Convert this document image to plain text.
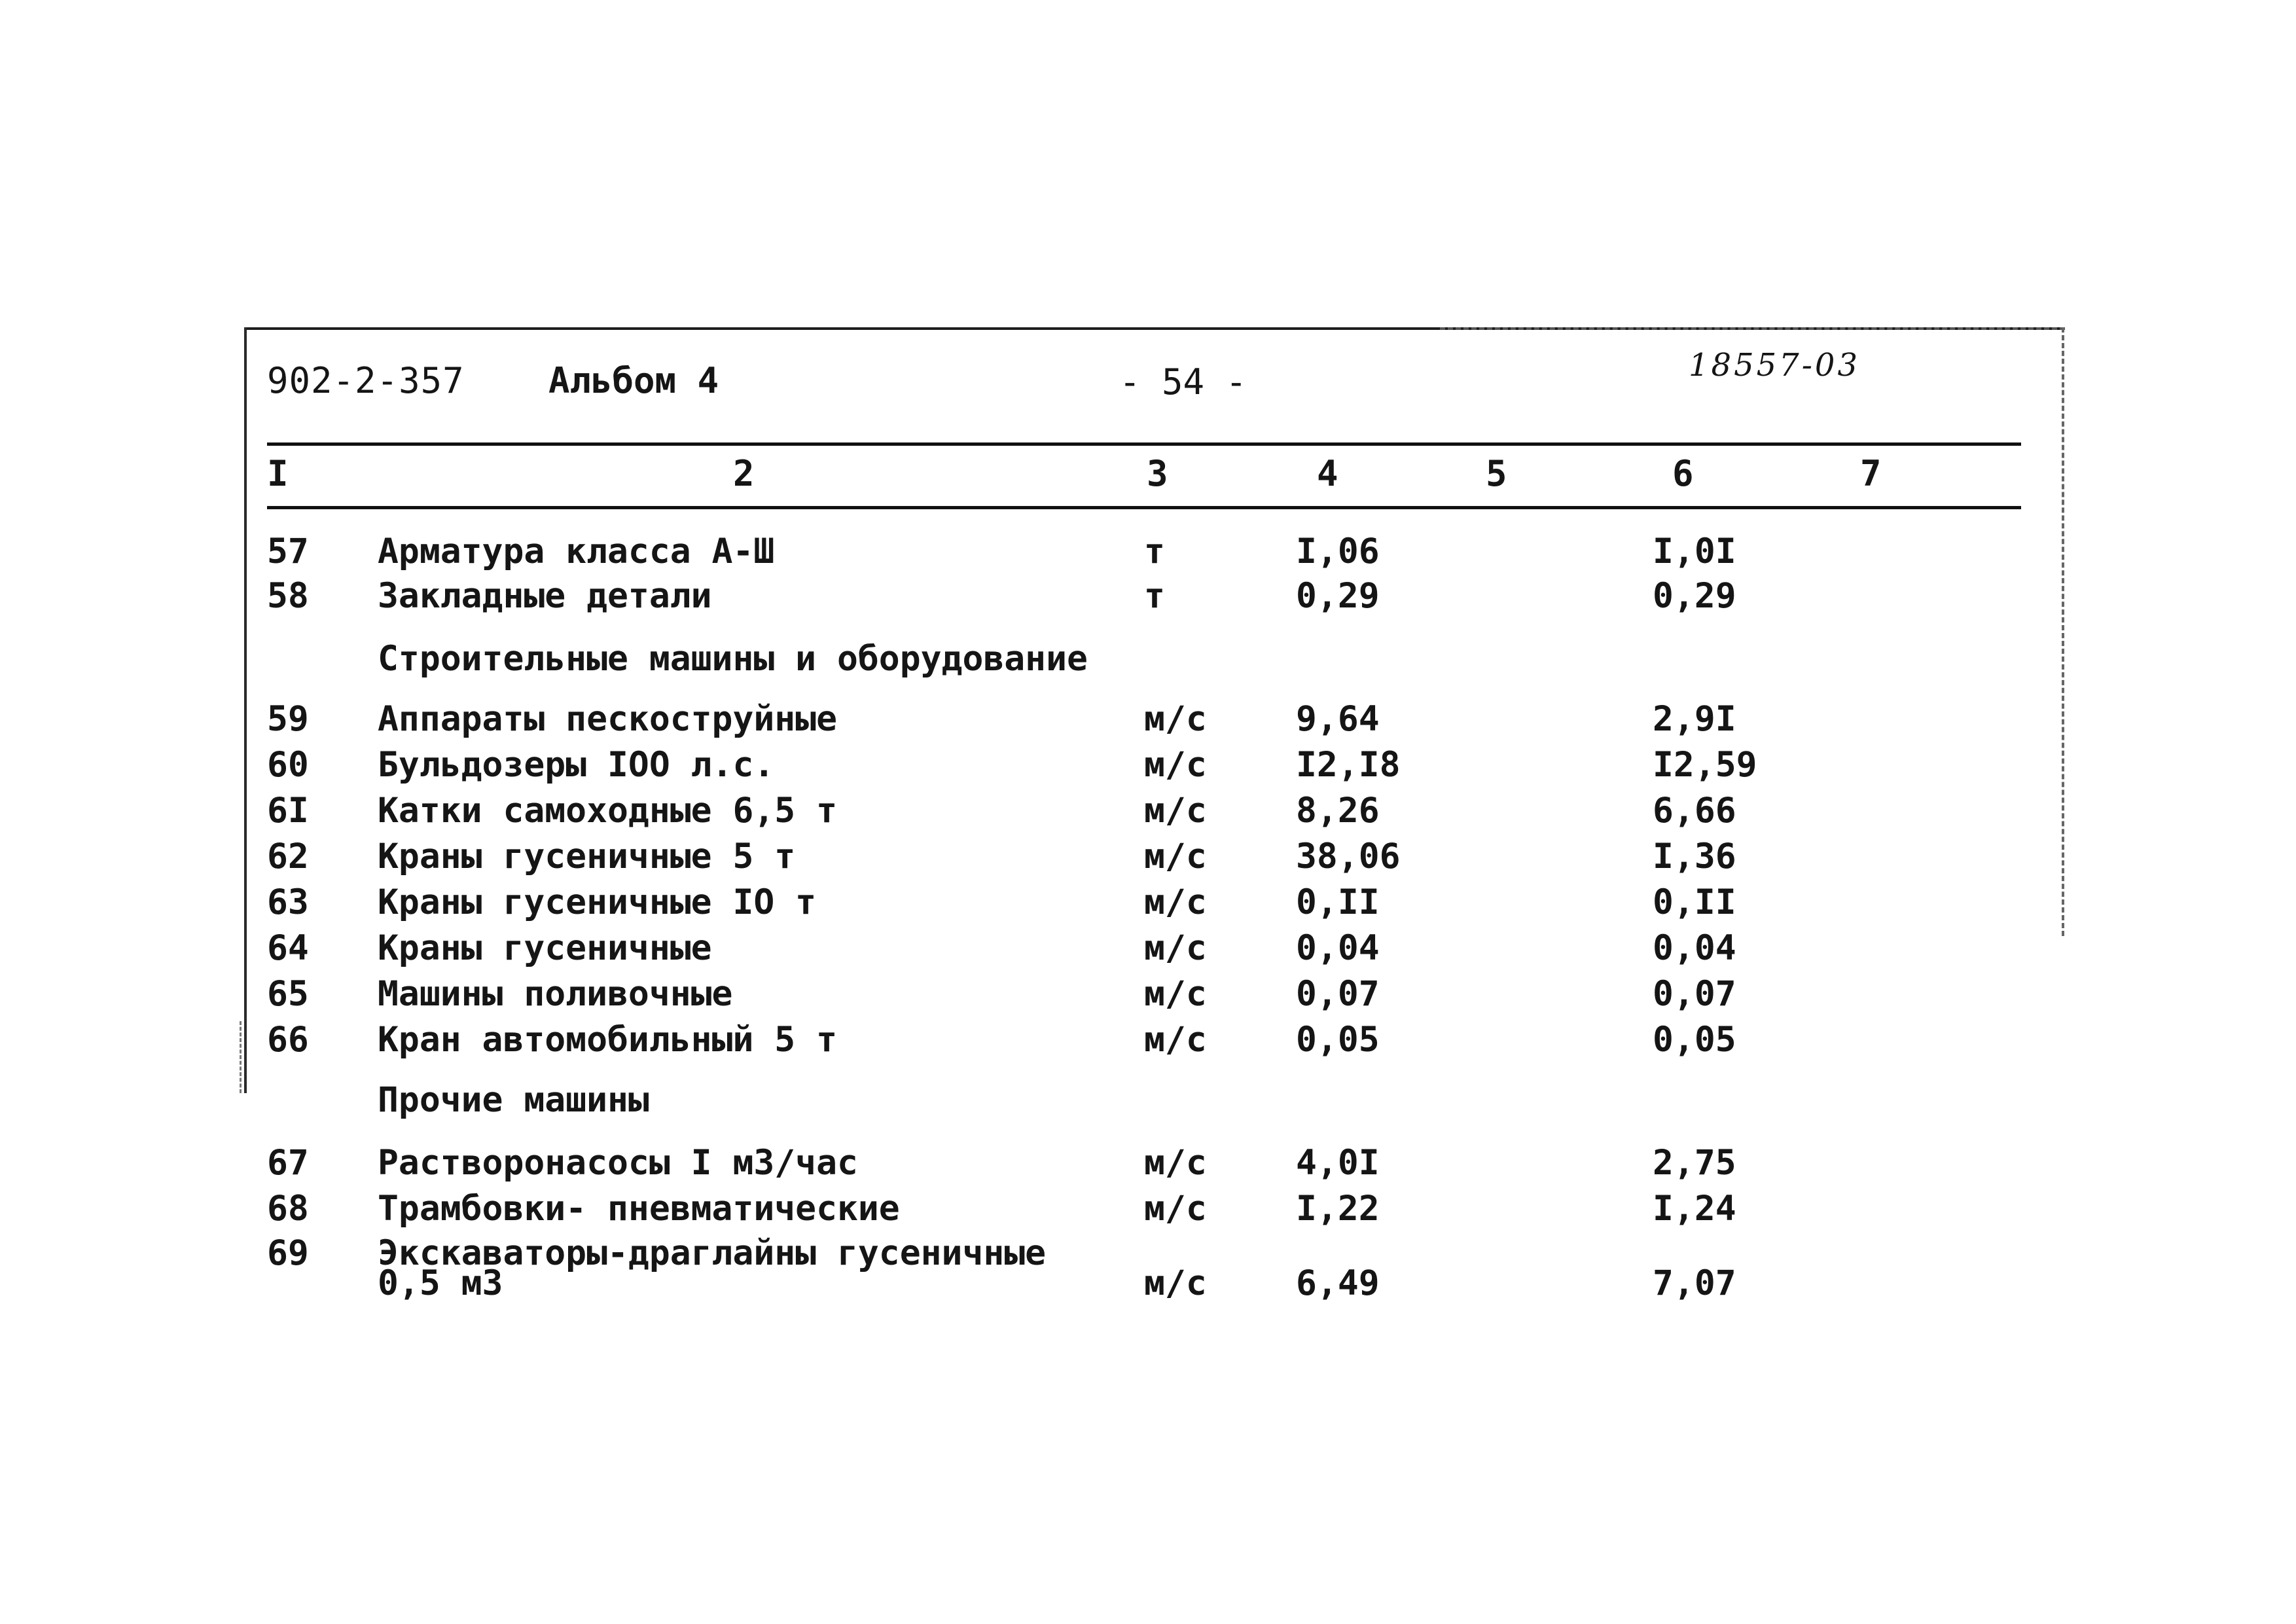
902-2-357 Альбом 4	- 54 -	18557-03
I	2	3	4	5	6	7
57 Арматура класса А-Ш	т	I,06	I,0I
58 Закладные детали	т	0,29	0,29
Строительные машины и оборудование
59 Аппараты пескоструйные	м/с	9,64	2,9I
60 Бульдозеры IOO л.с.	м/с	I2,I8	I2,59
6I Катки самоходные 6,5 т	м/с	8,26	6,66
62 Краны гусеничные 5 т	м/с	38,06	I,36
63 Краны гусеничные IO т	м/с	0,II	0,II
64 Краны гусеничные	м/с	0,04	0,04
65 Машины поливочные	м/с	0,07	0,07
66 Кран автомобильный 5 т	м/с	0,05	0,05
Прочие машины
67 Растворонасосы I м3/час	м/с	4,0I	2,75
68 Трамбовки- пневматические	м/с	I,22	I,24
69 Экскаваторы-драглайны гусеничные
0,5 м3	м/с	6,49	7,07
